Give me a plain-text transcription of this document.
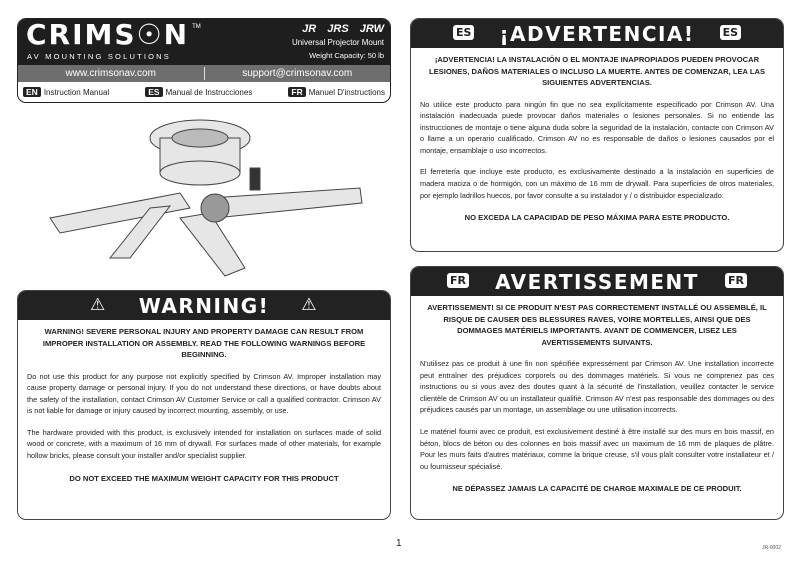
CRIMS☉N TM
AV MOUNTING SOLUTIONS
JR JRS JRW
Universal Projector Mount
Weight Capacity: 50 lb
www.crimsonav.com	support@crimsonav.com
EN Instruction Manual	ES Manual de Instrucciones	FR Manuel D'instructions
⚠ WARNING! ⚠
WARNING! SEVERE PERSONAL INJURY AND PROPERTY DAMAGE CAN RESULT FROM IMPROPER INSTALLATION OR ASSEMBLY. READ THE FOLLOWING WARNINGS BEFORE BEGINNING.
Do not use this product for any purpose not explicitly specified by Crimson AV. Improper installation may cause property damage or personal injury. If you do not understand these directions, or have doubts about the safety of the installation, contact Crimson AV Customer Service or call a qualified contractor. Crimson AV is not liable for damage or injury caused by incorrect mounting, assembly, or use.
The hardware provided with this product, is exclusively intended for installation on surfaces made of solid wood or concrete, with a maximum of 16 mm of drywall. For surfaces made of other materials, for example hollow bricks, please consult your installer and/or specialist supplier.
DO NOT EXCEED THE MAXIMUM WEIGHT CAPACITY FOR THIS PRODUCT
ES ¡ADVERTENCIA!	ES
¡ADVERTENCIA! LA INSTALACIÓN O EL MONTAJE INAPROPIADOS PUEDEN PROVOCAR LESIONES, DAÑOS MATERIALES O INCLUSO LA MUERTE. ANTES DE COMENZAR, LEA LAS SIGUIENTES ADVERTENCIAS.
No utilice este producto para ningún fin que no sea explícitamente especificado por Crimson AV. Una instalación inadecuada puede provocar daños materiales o lesiones personales. Si no entiende las instrucciones de montaje o tiene alguna duda sobre la seguridad de la instalación, contacte con Crimson AV o llame a un operario cualificado. Crimson AV no es responsable de daños o lesiones causados por el montaje, ensamblaje o uso incorrectos.
El ferretería que incluye este producto, es exclusivamente destinado a la instalación en superficies de madera maciza o de hormigón, con un máximo de 16 mm de drywall. Para superficies de otros materiales, por ejemplo ladrillos huecos, por favor consulte a su instalador y / o distribuidor especializado.
NO EXCEDA LA CAPACIDAD DE PESO MÁXIMA PARA ESTE PRODUCTO.
FR AVERTISSEMENT	FR
AVERTISSEMENT! SI CE PRODUIT N'EST PAS CORRECTEMENT INSTALLÉ OU ASSEMBLÉ, IL RISQUE DE CAUSER DES BLESSURES RAVES, VOIRE MORTELLES, AINSI QUE DES DOMMAGES MATÉRIELS IMPORTANTS. AVANT DE COMMENCER, LISEZ LES AVERTISSEMENTS SUIVANTS.
N'utilisez pas ce produit à une fin non spécifiée expressément par Crimson AV. Une installation incorrecte peut entraîner des préjudices corporels ou des dommages matériels. Si vous ne comprenez pas ces instructions ou si vous avez des doutes quant à la sécurité de l'installation, veuillez contacter le service clientèle de Crimson AV ou un installateur qualifié. Crimson AV n'est pas responsable des dommages ou des préjudices causés par un montage, un assemblage ou une utilisation incorrects.
Le matériel fourni avec ce produit, est exclusivement destiné à être installé sur des murs en bois massif, en béton, blocs de béton ou des colonnes en bois massif avec un maximum de 16 mm de plaques de plâtre. Pour les murs faits d'autres matériaux, comme la brique creuse, s'il vous plaît consulter votre installateur et / ou fournisseur spécialisé.
NE DÉPASSEZ JAMAIS LA CAPACITÉ DE CHARGE MAXIMALE DE CE PRODUIT.
1	JR-0002
